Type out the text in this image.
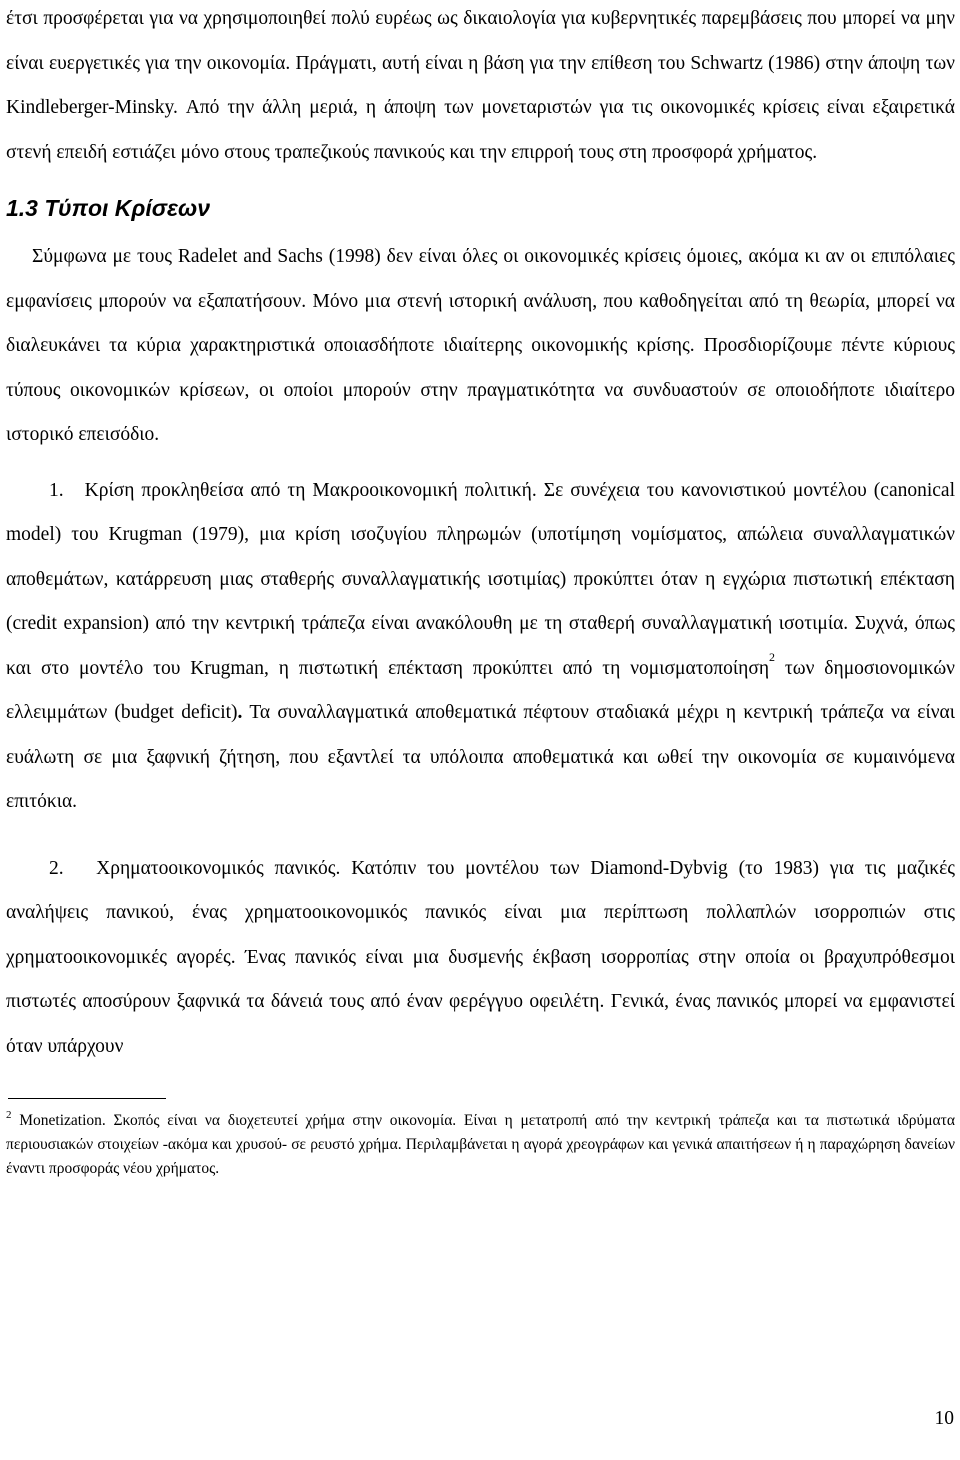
έτσι προσφέρεται για να χρησιμοποιηθεί πολύ ευρέως ως δικαιολογία για κυβερνητικές παρεμβάσεις που μπορεί να μην είναι ευεργετικές για την οικονομία. Πράγματι, αυτή είναι η βάση για την επίθεση του Schwartz (1986) στην άποψη των Kindleberger-Minsky. Από την άλλη μεριά, η άποψη των μονεταριστών για τις οικονομικές κρίσεις είναι εξαιρετικά στενή επειδή εστιάζει μόνο στους τραπεζικούς πανικούς και την επιρροή τους στη προσφορά χρήματος.

1.3 Τύποι Κρίσεων

Σύμφωνα με τους Radelet and Sachs (1998) δεν είναι όλες οι οικονομικές κρίσεις όμοιες, ακόμα κι αν οι επιπόλαιες εμφανίσεις μπορούν να εξαπατήσουν. Μόνο μια στενή ιστορική ανάλυση, που καθοδηγείται από τη θεωρία, μπορεί να διαλευκάνει τα κύρια χαρακτηριστικά οποιασδήποτε ιδιαίτερης οικονομικής κρίσης. Προσδιορίζουμε πέντε κύριους τύπους οικονομικών κρίσεων, οι οποίοι μπορούν στην πραγματικότητα να συνδυαστούν σε οποιοδήποτε ιδιαίτερο ιστορικό επεισόδιο.

1. Κρίση προκληθείσα από τη Μακροοικονομική πολιτική. Σε συνέχεια του κανονιστικού μοντέλου (canonical model) του Krugman (1979), μια κρίση ισοζυγίου πληρωμών (υποτίμηση νομίσματος, απώλεια συναλλαγματικών αποθεμάτων, κατάρρευση μιας σταθερής συναλλαγματικής ισοτιμίας) προκύπτει όταν η εγχώρια πιστωτική επέκταση (credit expansion) από την κεντρική τράπεζα είναι ανακόλουθη με τη σταθερή συναλλαγματική ισοτιμία. Συχνά, όπως και στο μοντέλο του Krugman, η πιστωτική επέκταση προκύπτει από τη νομισματοποίηση$^2$ των δημοσιονομικών ελλειμμάτων (budget deficit). Τα συναλλαγματικά αποθεματικά πέφτουν σταδιακά μέχρι η κεντρική τράπεζα να είναι ευάλωτη σε μια ξαφνική ζήτηση, που εξαντλεί τα υπόλοιπα αποθεματικά και ωθεί την οικονομία σε κυμαινόμενα επιτόκια.

2. Χρηματοοικονομικός πανικός. Κατόπιν του μοντέλου των Diamond-Dybvig (το 1983) για τις μαζικές αναλήψεις πανικού, ένας χρηματοοικονομικός πανικός είναι μια περίπτωση πολλαπλών ισορροπιών στις χρηματοοικονομικές αγορές. Ένας πανικός είναι μια δυσμενής έκβαση ισορροπίας στην οποία οι βραχυπρόθεσμοι πιστωτές αποσύρουν ξαφνικά τα δάνειά τους από έναν φερέγγυο οφειλέτη. Γενικά, ένας πανικός μπορεί να εμφανιστεί όταν υπάρχουν

$^2$ Monetization. Σκοπός είναι να διοχετευτεί χρήμα στην οικονομία. Είναι η μετατροπή από την κεντρική τράπεζα και τα πιστωτικά ιδρύματα περιουσιακών στοιχείων -ακόμα και χρυσού- σε ρευστό χρήμα. Περιλαμβάνεται η αγορά χρεογράφων και γενικά απαιτήσεων ή η παραχώρηση δανείων έναντι προσφοράς νέου χρήματος.

10
